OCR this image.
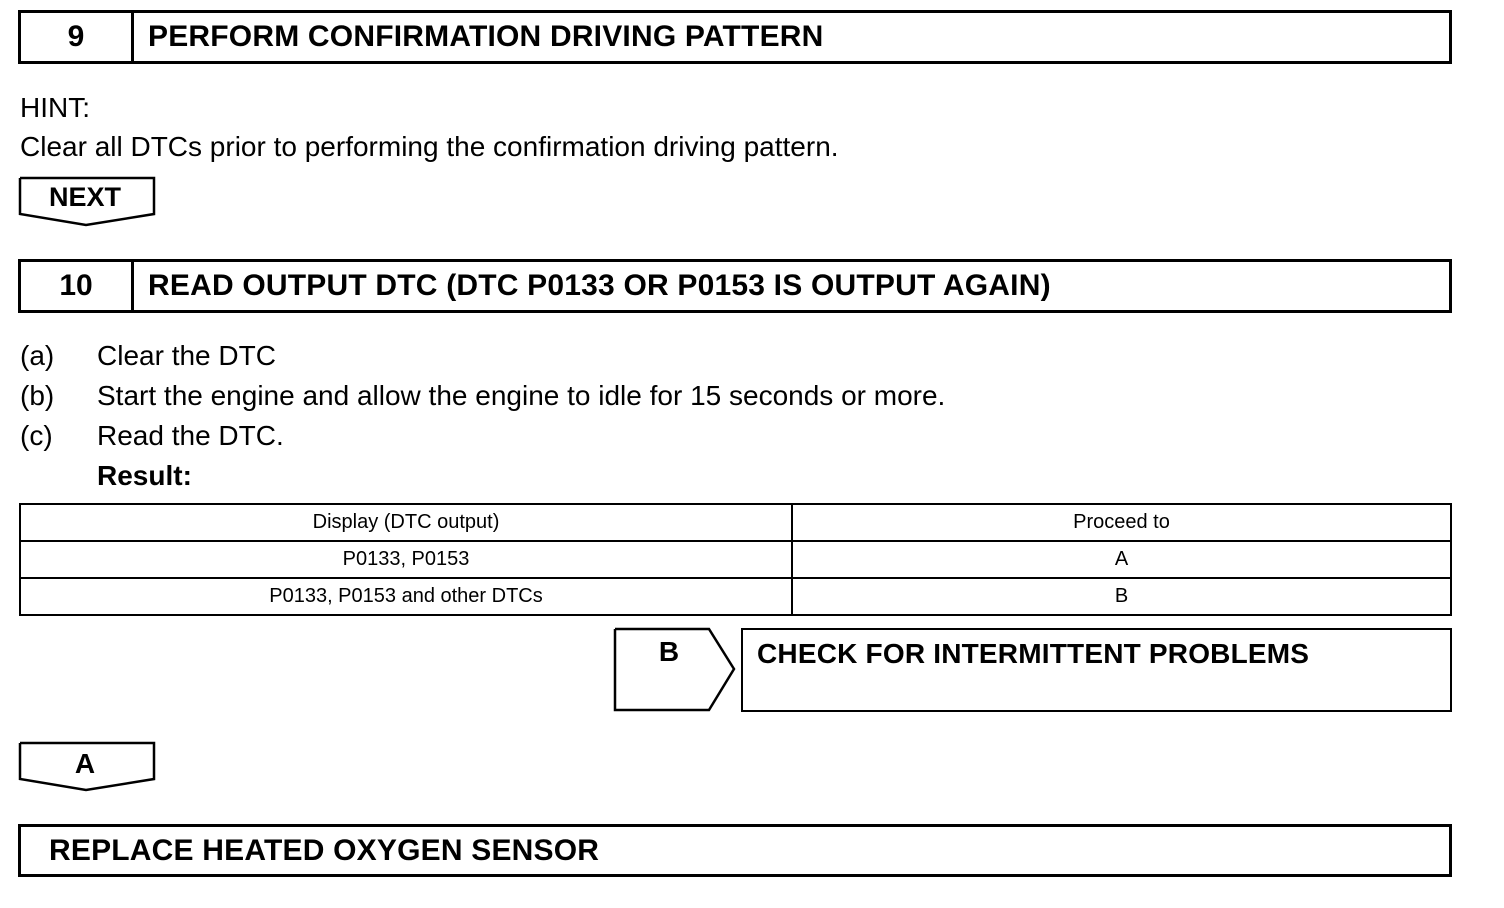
9	PERFORM CONFIRMATION DRIVING PATTERN
HINT:
Clear all DTCs prior to performing the confirmation driving pattern.
NEXT
10	READ OUTPUT DTC (DTC P0133 OR P0153 IS OUTPUT AGAIN)
(a) Clear the DTC
(b) Start the engine and allow the engine to idle for 15 seconds or more.
(c) Read the DTC.
Result:
Display (DTC output)	Proceed to
P0133, P0153	A
P0133, P0153 and other DTCs	B
B	CHECK FOR INTERMITTENT PROBLEMS
A
REPLACE HEATED OXYGEN SENSOR
